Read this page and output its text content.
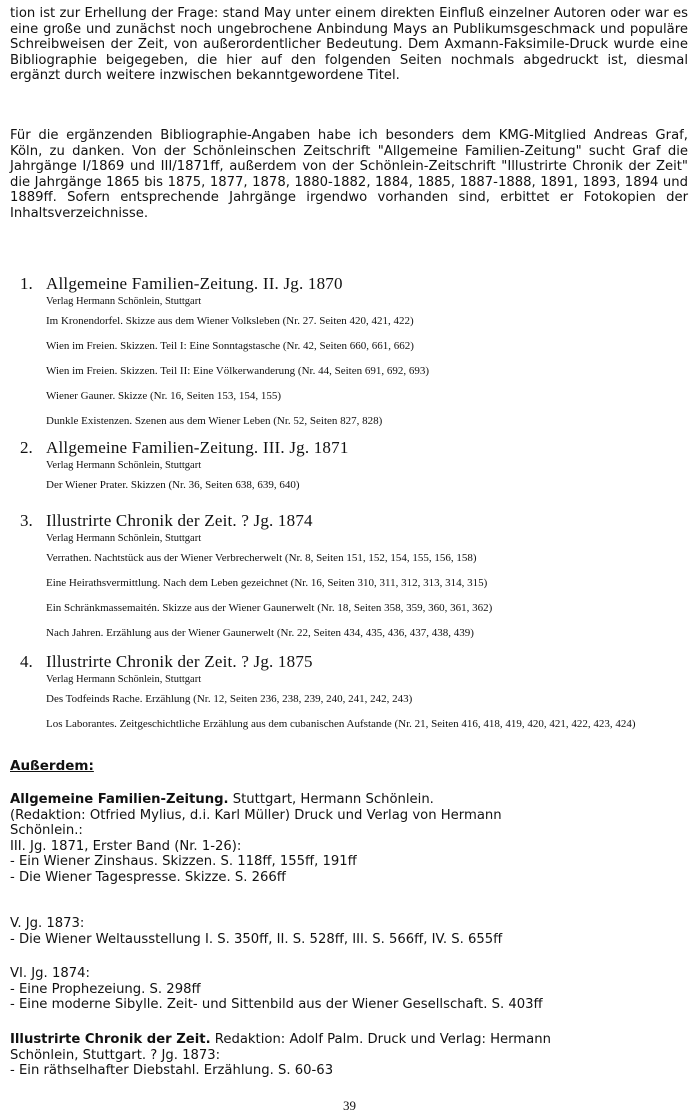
tion ist zur Erhellung der Frage: stand May unter einem direkten Einfluß einzelner Autoren oder war es eine große und zunächst noch ungebrochene Anbindung Mays an Publikumsgeschmack und populäre Schreibweisen der Zeit, von außerordentlicher Bedeutung. Dem Axmann-Faksimile-Druck wurde eine Bibliographie beigegeben, die hier auf den folgenden Seiten nochmals abgedruckt ist, diesmal ergänzt durch weitere inzwischen bekanntgewordene Titel.
Für die ergänzenden Bibliographie-Angaben habe ich besonders dem KMG-Mitglied Andreas Graf, Köln, zu danken. Von der Schönleinschen Zeitschrift "Allgemeine Familien-Zeitung" sucht Graf die Jahrgänge I/1869 und III/1871ff, außerdem von der Schönlein-Zeitschrift "Illustrirte Chronik der Zeit" die Jahrgänge 1865 bis 1875, 1877, 1878, 1880-1882, 1884, 1885, 1887-1888, 1891, 1893, 1894 und 1889ff. Sofern entsprechende Jahrgänge irgendwo vorhanden sind, erbittet er Fotokopien der Inhaltsverzeichnisse.
1. Allgemeine Familien-Zeitung. II. Jg. 1870
Verlag Hermann Schönlein, Stuttgart
Im Kronendorfel. Skizze aus dem Wiener Volksleben (Nr. 27. Seiten 420, 421, 422)
Wien im Freien. Skizzen. Teil I: Eine Sonntagstasche (Nr. 42, Seiten 660, 661, 662)
Wien im Freien. Skizzen. Teil II: Eine Völkerwanderung (Nr. 44, Seiten 691, 692, 693)
Wiener Gauner. Skizze (Nr. 16, Seiten 153, 154, 155)
Dunkle Existenzen. Szenen aus dem Wiener Leben (Nr. 52, Seiten 827, 828)
2. Allgemeine Familien-Zeitung. III. Jg. 1871
Verlag Hermann Schönlein, Stuttgart
Der Wiener Prater. Skizzen (Nr. 36, Seiten 638, 639, 640)
3. Illustrirte Chronik der Zeit. ? Jg. 1874
Verlag Hermann Schönlein, Stuttgart
Verrathen. Nachtstück aus der Wiener Verbrecherwelt (Nr. 8, Seiten 151, 152, 154, 155, 156, 158)
Eine Heirathsvermittlung. Nach dem Leben gezeichnet (Nr. 16, Seiten 310, 311, 312, 313, 314, 315)
Ein Schränkmassemaitén. Skizze aus der Wiener Gaunerwelt (Nr. 18, Seiten 358, 359, 360, 361, 362)
Nach Jahren. Erzählung aus der Wiener Gaunerwelt (Nr. 22, Seiten 434, 435, 436, 437, 438, 439)
4. Illustrirte Chronik der Zeit. ? Jg. 1875
Verlag Hermann Schönlein, Stuttgart
Des Todfeinds Rache. Erzählung (Nr. 12, Seiten 236, 238, 239, 240, 241, 242, 243)
Los Laborantes. Zeitgeschichtliche Erzählung aus dem cubanischen Aufstande (Nr. 21, Seiten 416, 418, 419, 420, 421, 422, 423, 424)
Außerdem:
Allgemeine Familien-Zeitung. Stuttgart, Hermann Schönlein.
(Redaktion: Otfried Mylius, d.i. Karl Müller) Druck und Verlag von Hermann
Schönlein.:
III. Jg. 1871, Erster Band (Nr. 1-26):
- Ein Wiener Zinshaus. Skizzen. S. 118ff, 155ff, 191ff
- Die Wiener Tagespresse. Skizze. S. 266ff
V. Jg. 1873:
- Die Wiener Weltausstellung I. S. 350ff, II. S. 528ff, III. S. 566ff, IV. S. 655ff
VI. Jg. 1874:
- Eine Prophezeiung. S. 298ff
- Eine moderne Sibylle. Zeit- und Sittenbild aus der Wiener Gesellschaft. S. 403ff
Illustrirte Chronik der Zeit. Redaktion: Adolf Palm. Druck und Verlag: Hermann
Schönlein, Stuttgart. ? Jg. 1873:
- Ein räthselhafter Diebstahl. Erzählung. S. 60-63
39
